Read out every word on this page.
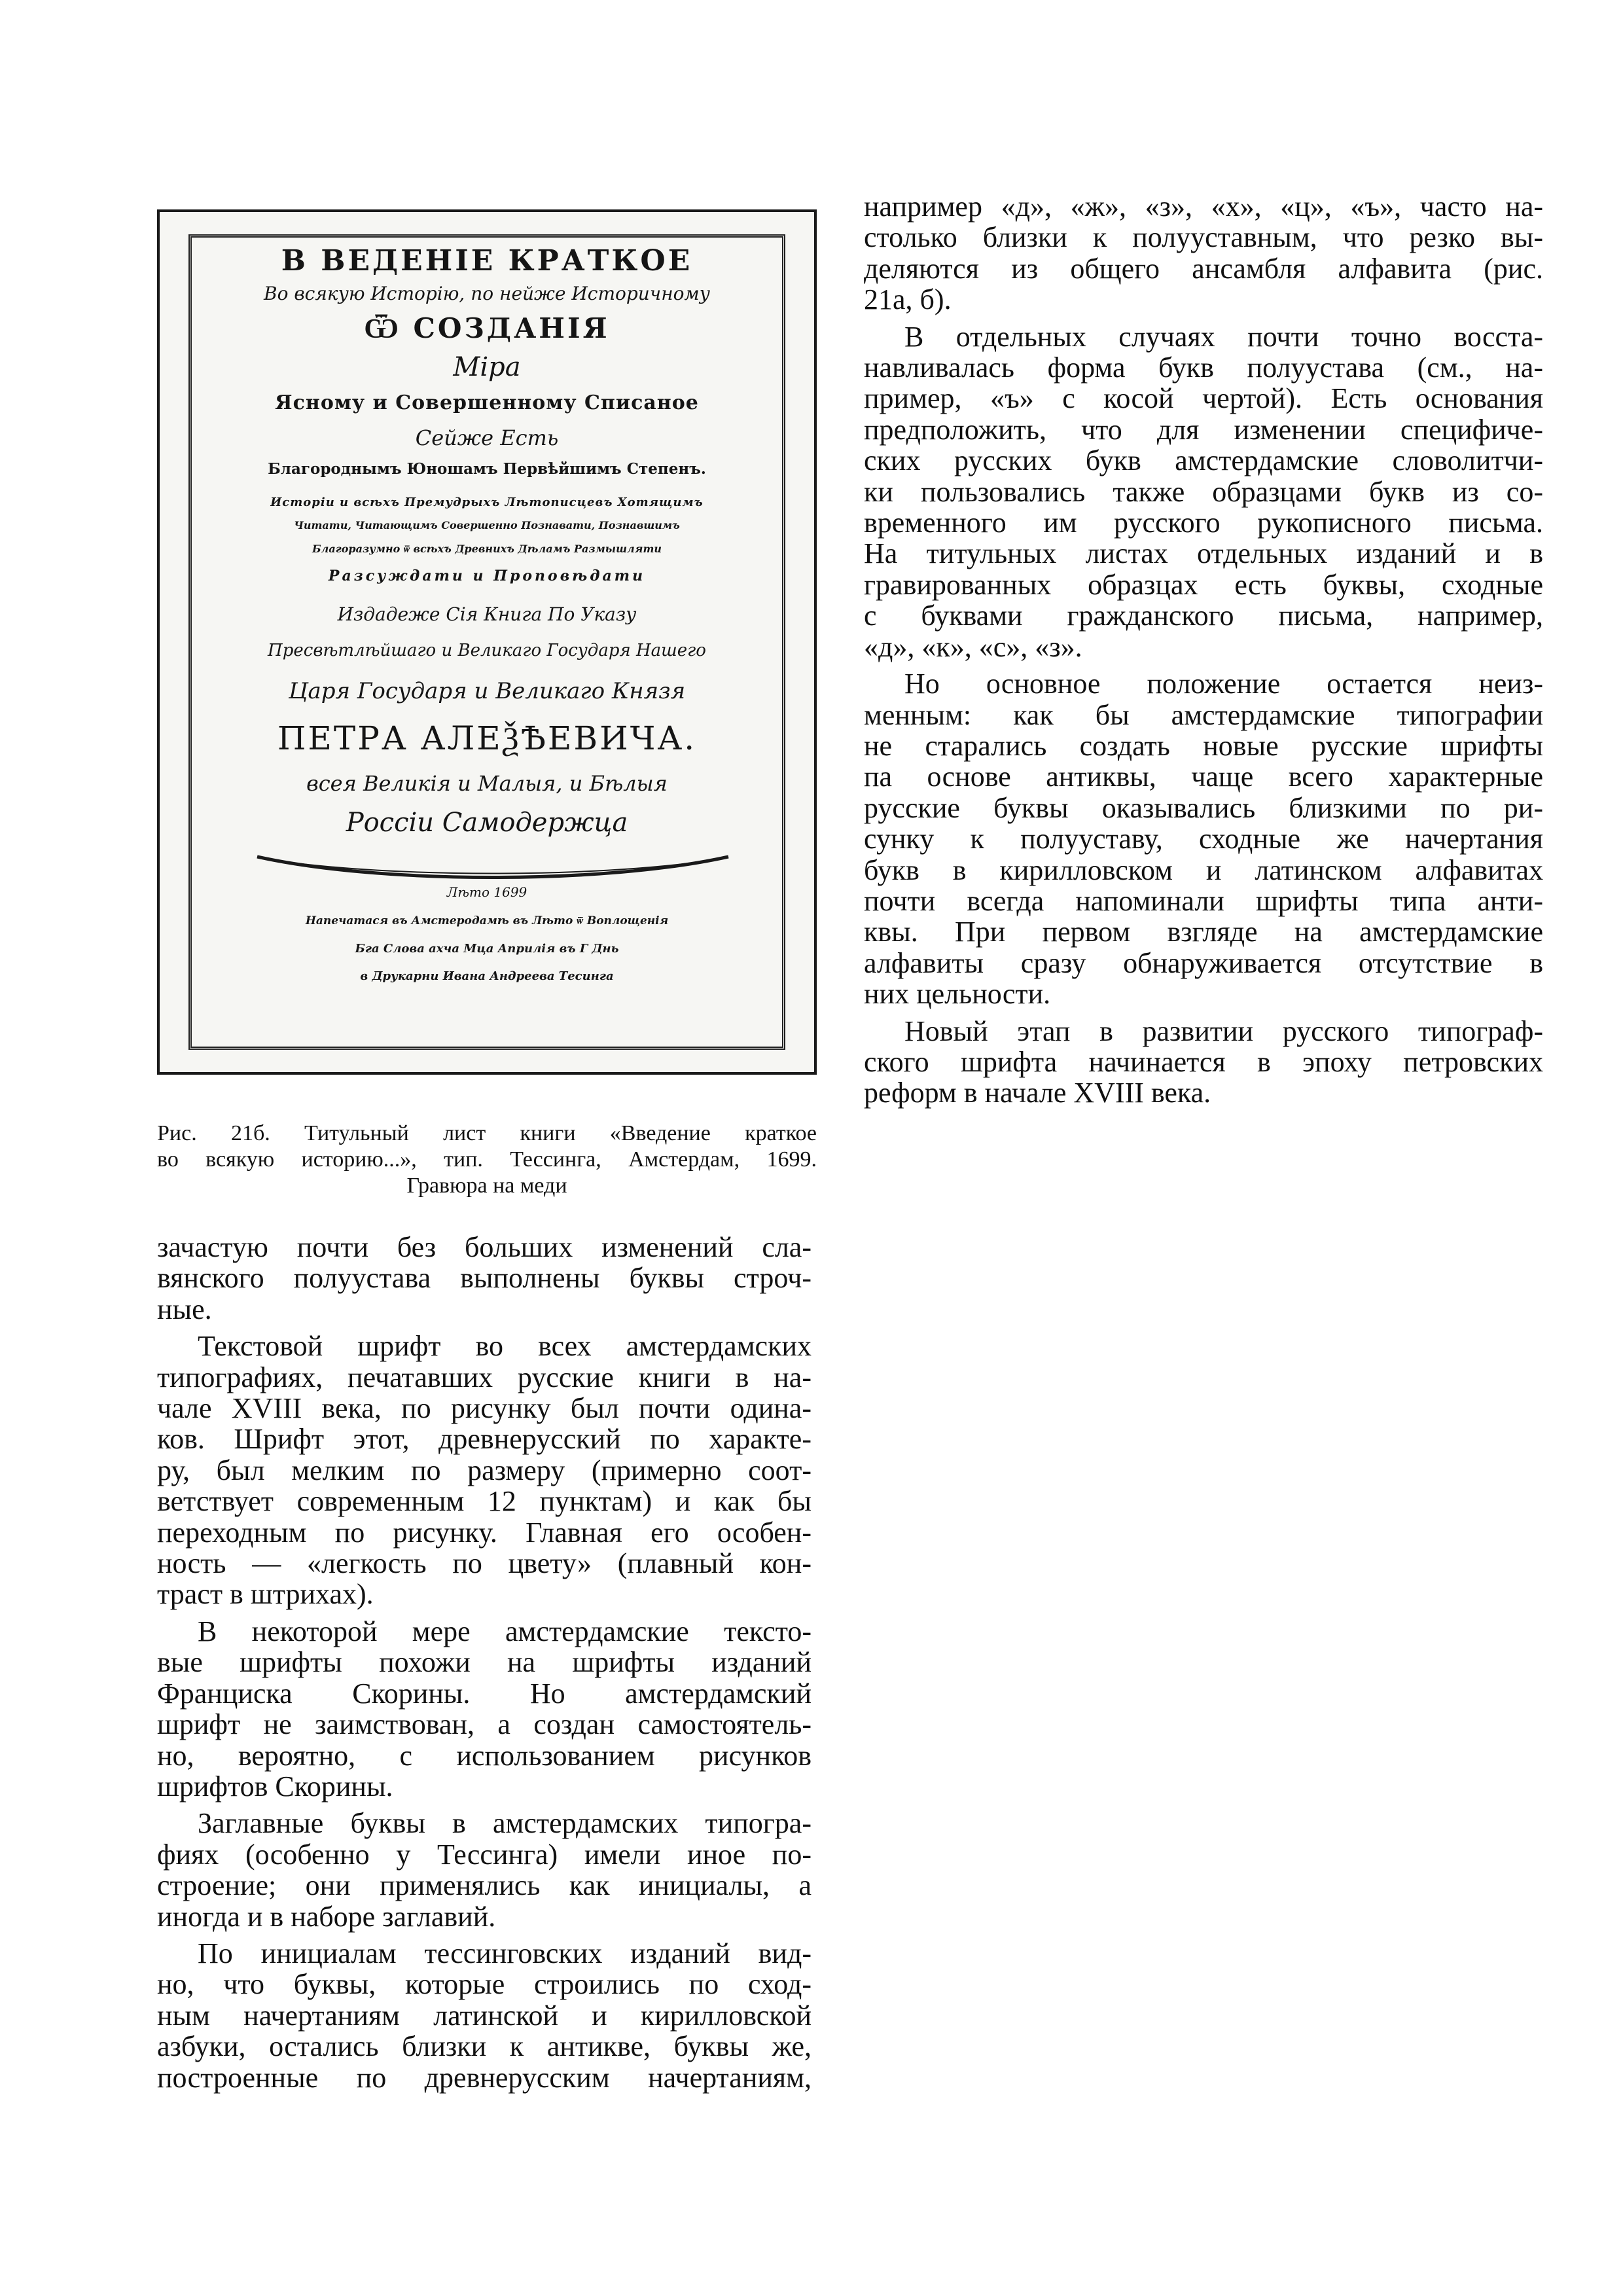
В ВЕДЕНІЕ КРАТКОЕ
Во всякую Исторію, по нейже Историчному
Ѿ СОЗДАНІЯ
Міра
Ясному и Совершенному Списаное
Сейже Есть
Благороднымъ Юношамъ Первѣйшимъ Степенъ.
Исторіи и всѣхъ Премудрыхъ Лѣтописцевъ Хотящимъ
Читати, Читающимъ Совершенно Познавати, Познавшимъ
Благоразумно ѿ всѣхъ Древнихъ Дѣламъ Размышляти
Разсуждати и Проповѣдати
Издадеже Сія Книга По Указу
Пресвѣтлѣйшаго и Великаго Государя Нашего
Царя Государя и Великаго Князя
ПЕТРА АЛЕѮѢЕВИЧА.
всея Великія и Малыя, и Бѣлыя
Россіи Самодержца
Лѣто 1699
Напечатася въ Амстеродамѣ въ Лѣто ѿ Воплощенія
Бга Слова ахча Мца Априлія въ Г Днь
в Друкарни Ивана Андреева Тесинга
Рис. 21б. Титульный лист книги «Введение краткое
во всякую историю...», тип. Тессинга, Амстердам, 1699.
Гравюра на меди
зачастую почти без больших изменений сла-
вянского полуустава выполнены буквы строч-
ные.
Текстовой шрифт во всех амстердамских
типографиях, печатавших русские книги в на-
чале XVIII века, по рисунку был почти одина-
ков. Шрифт этот, древнерусский по характе-
ру, был мелким по размеру (примерно соот-
ветствует современным 12 пунктам) и как бы
переходным по рисунку. Главная его особен-
ность — «легкость по цвету» (плавный кон-
траст в штрихах).
В некоторой мере амстердамские тексто-
вые шрифты похожи на шрифты изданий
Франциска Скорины. Но амстердамский
шрифт не заимствован, а создан самостоятель-
но, вероятно, с использованием рисунков
шрифтов Скорины.
Заглавные буквы в амстердамских типогра-
фиях (особенно у Тессинга) имели иное по-
строение; они применялись как инициалы, а
иногда и в наборе заглавий.
По инициалам тессинговских изданий вид-
но, что буквы, которые строились по сход-
ным начертаниям латинской и кирилловской
азбуки, остались близки к антикве, буквы же,
построенные по древнерусским начертаниям,
например «д», «ж», «з», «х», «ц», «ъ», часто на-
столько близки к полууставным, что резко вы-
деляются из общего ансамбля алфавита (рис.
21а, б).
В отдельных случаях почти точно восста-
навливалась форма букв полуустава (см., на-
пример, «ъ» с косой чертой). Есть основания
предположить, что для изменении специфиче-
ских русских букв амстердамские словолитчи-
ки пользовались также образцами букв из со-
временного им русского рукописного письма.
На титульных листах отдельных изданий и в
гравированных образцах есть буквы, сходные
с буквами гражданского письма, например,
«д», «к», «с», «з».
Но основное положение остается неиз-
менным: как бы амстердамские типографии
не старались создать новые русские шрифты
па основе антиквы, чаще всего характерные
русские буквы оказывались близкими по ри-
сунку к полууставу, сходные же начертания
букв в кирилловском и латинском алфавитах
почти всегда напоминали шрифты типа анти-
квы. При первом взгляде на амстердамские
алфавиты сразу обнаруживается отсутствие в
них цельности.
Новый этап в развитии русского типограф-
ского шрифта начинается в эпоху петровских
реформ в начале XVIII века.
